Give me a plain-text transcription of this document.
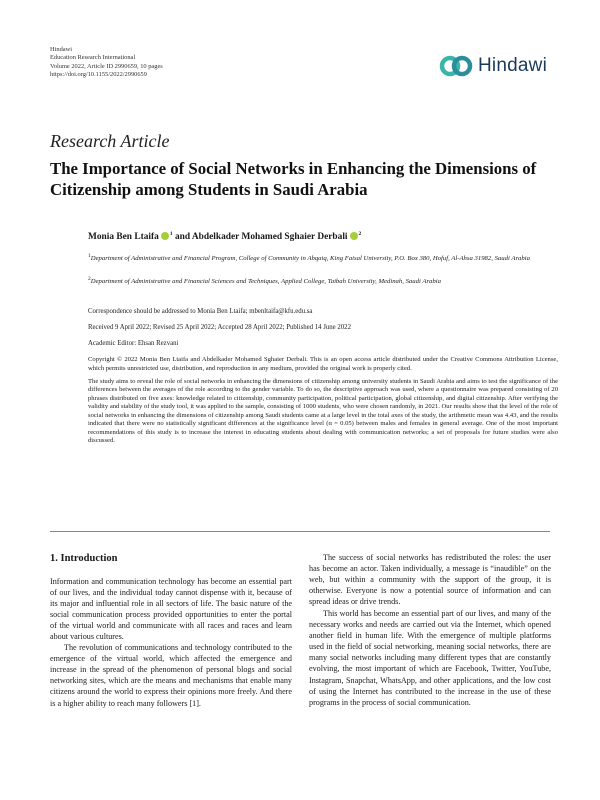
Hindawi
Education Research International
Volume 2022, Article ID 2990659, 10 pages
https://doi.org/10.1155/2022/2990659	Hindawi
Research Article
The Importance of Social Networks in Enhancing the Dimensions of Citizenship among Students in Saudi Arabia
Monia Ben Ltaifa $^1$ and Abdelkader Mohamed Sghaier Derbali $^2$
$^1$Department of Administrative and Financial Program, College of Community in Abqaiq, King Faisal University, P.O. Box 380, Hofuf, Al-Ahsa 31982, Saudi Arabia
$^2$Department of Administrative and Financial Sciences and Techniques, Applied College, Taibah University, Medinah, Saudi Arabia
Correspondence should be addressed to Monia Ben Ltaifa; mbenltaifa@kfu.edu.sa
Received 9 April 2022; Revised 25 April 2022; Accepted 28 April 2022; Published 14 June 2022
Academic Editor: Ehsan Rezvani
Copyright © 2022 Monia Ben Ltaifa and Abdelkader Mohamed Sghaier Derbali. This is an open access article distributed under the Creative Commons Attribution License, which permits unrestricted use, distribution, and reproduction in any medium, provided the original work is properly cited.
The study aims to reveal the role of social networks in enhancing the dimensions of citizenship among university students in Saudi Arabia and aims to test the significance of the differences between the averages of the role according to the gender variable. To do so, the descriptive approach was used, where a questionnaire was prepared consisting of 20 phrases distributed on five axes: knowledge related to citizenship, community participation, political participation, global citizenship, and digital citizenship. After verifying the validity and stability of the study tool, it was applied to the sample, consisting of 1000 students, who were chosen randomly, in 2021. Our results show that the level of the role of social networks in enhancing the dimensions of citizenship among Saudi students came at a large level in the total axes of the study, the arithmetic mean was 4.43, and the results indicated that there were no statistically significant differences at the significance level (α = 0.05) between males and females in general average. One of the most important recommendations of this study is to increase the interest in educating students about dealing with communication networks; a set of proposals for future studies were also discussed.
1. Introduction

Information and communication technology has become an essential part of our lives, and the individual today cannot dispense with it, because of its major and influential role in all sectors of life. The basic nature of the social communication process provided opportunities to enter the portal of the virtual world and communicate with all races and races and learn about various cultures.

The revolution of communications and technology contributed to the emergence of the virtual world, which affected the emergence and increase in the spread of the phenomenon of personal blogs and social networking sites, which are the means and mechanisms that enable many citizens around the world to express their opinions more freely. And there is a higher ability to reach many followers [1].

The success of social networks has redistributed the roles: the user has become an actor. Taken individually, a message is “inaudible” on the web, but within a community with the support of the group, it is otherwise. Everyone is now a potential source of information and can spread ideas or drive trends.

This world has become an essential part of our lives, and many of the necessary works and needs are carried out via the Internet, which opened another field in human life. With the emergence of multiple platforms used in the field of social networking, meaning social networks, there are many social networks including many different types that are constantly evolving, the most important of which are Facebook, Twitter, YouTube, Instagram, Snapchat, WhatsApp, and other applications, and the low cost of using the Internet has contributed to the increase in the use of these programs in the process of social communication.
